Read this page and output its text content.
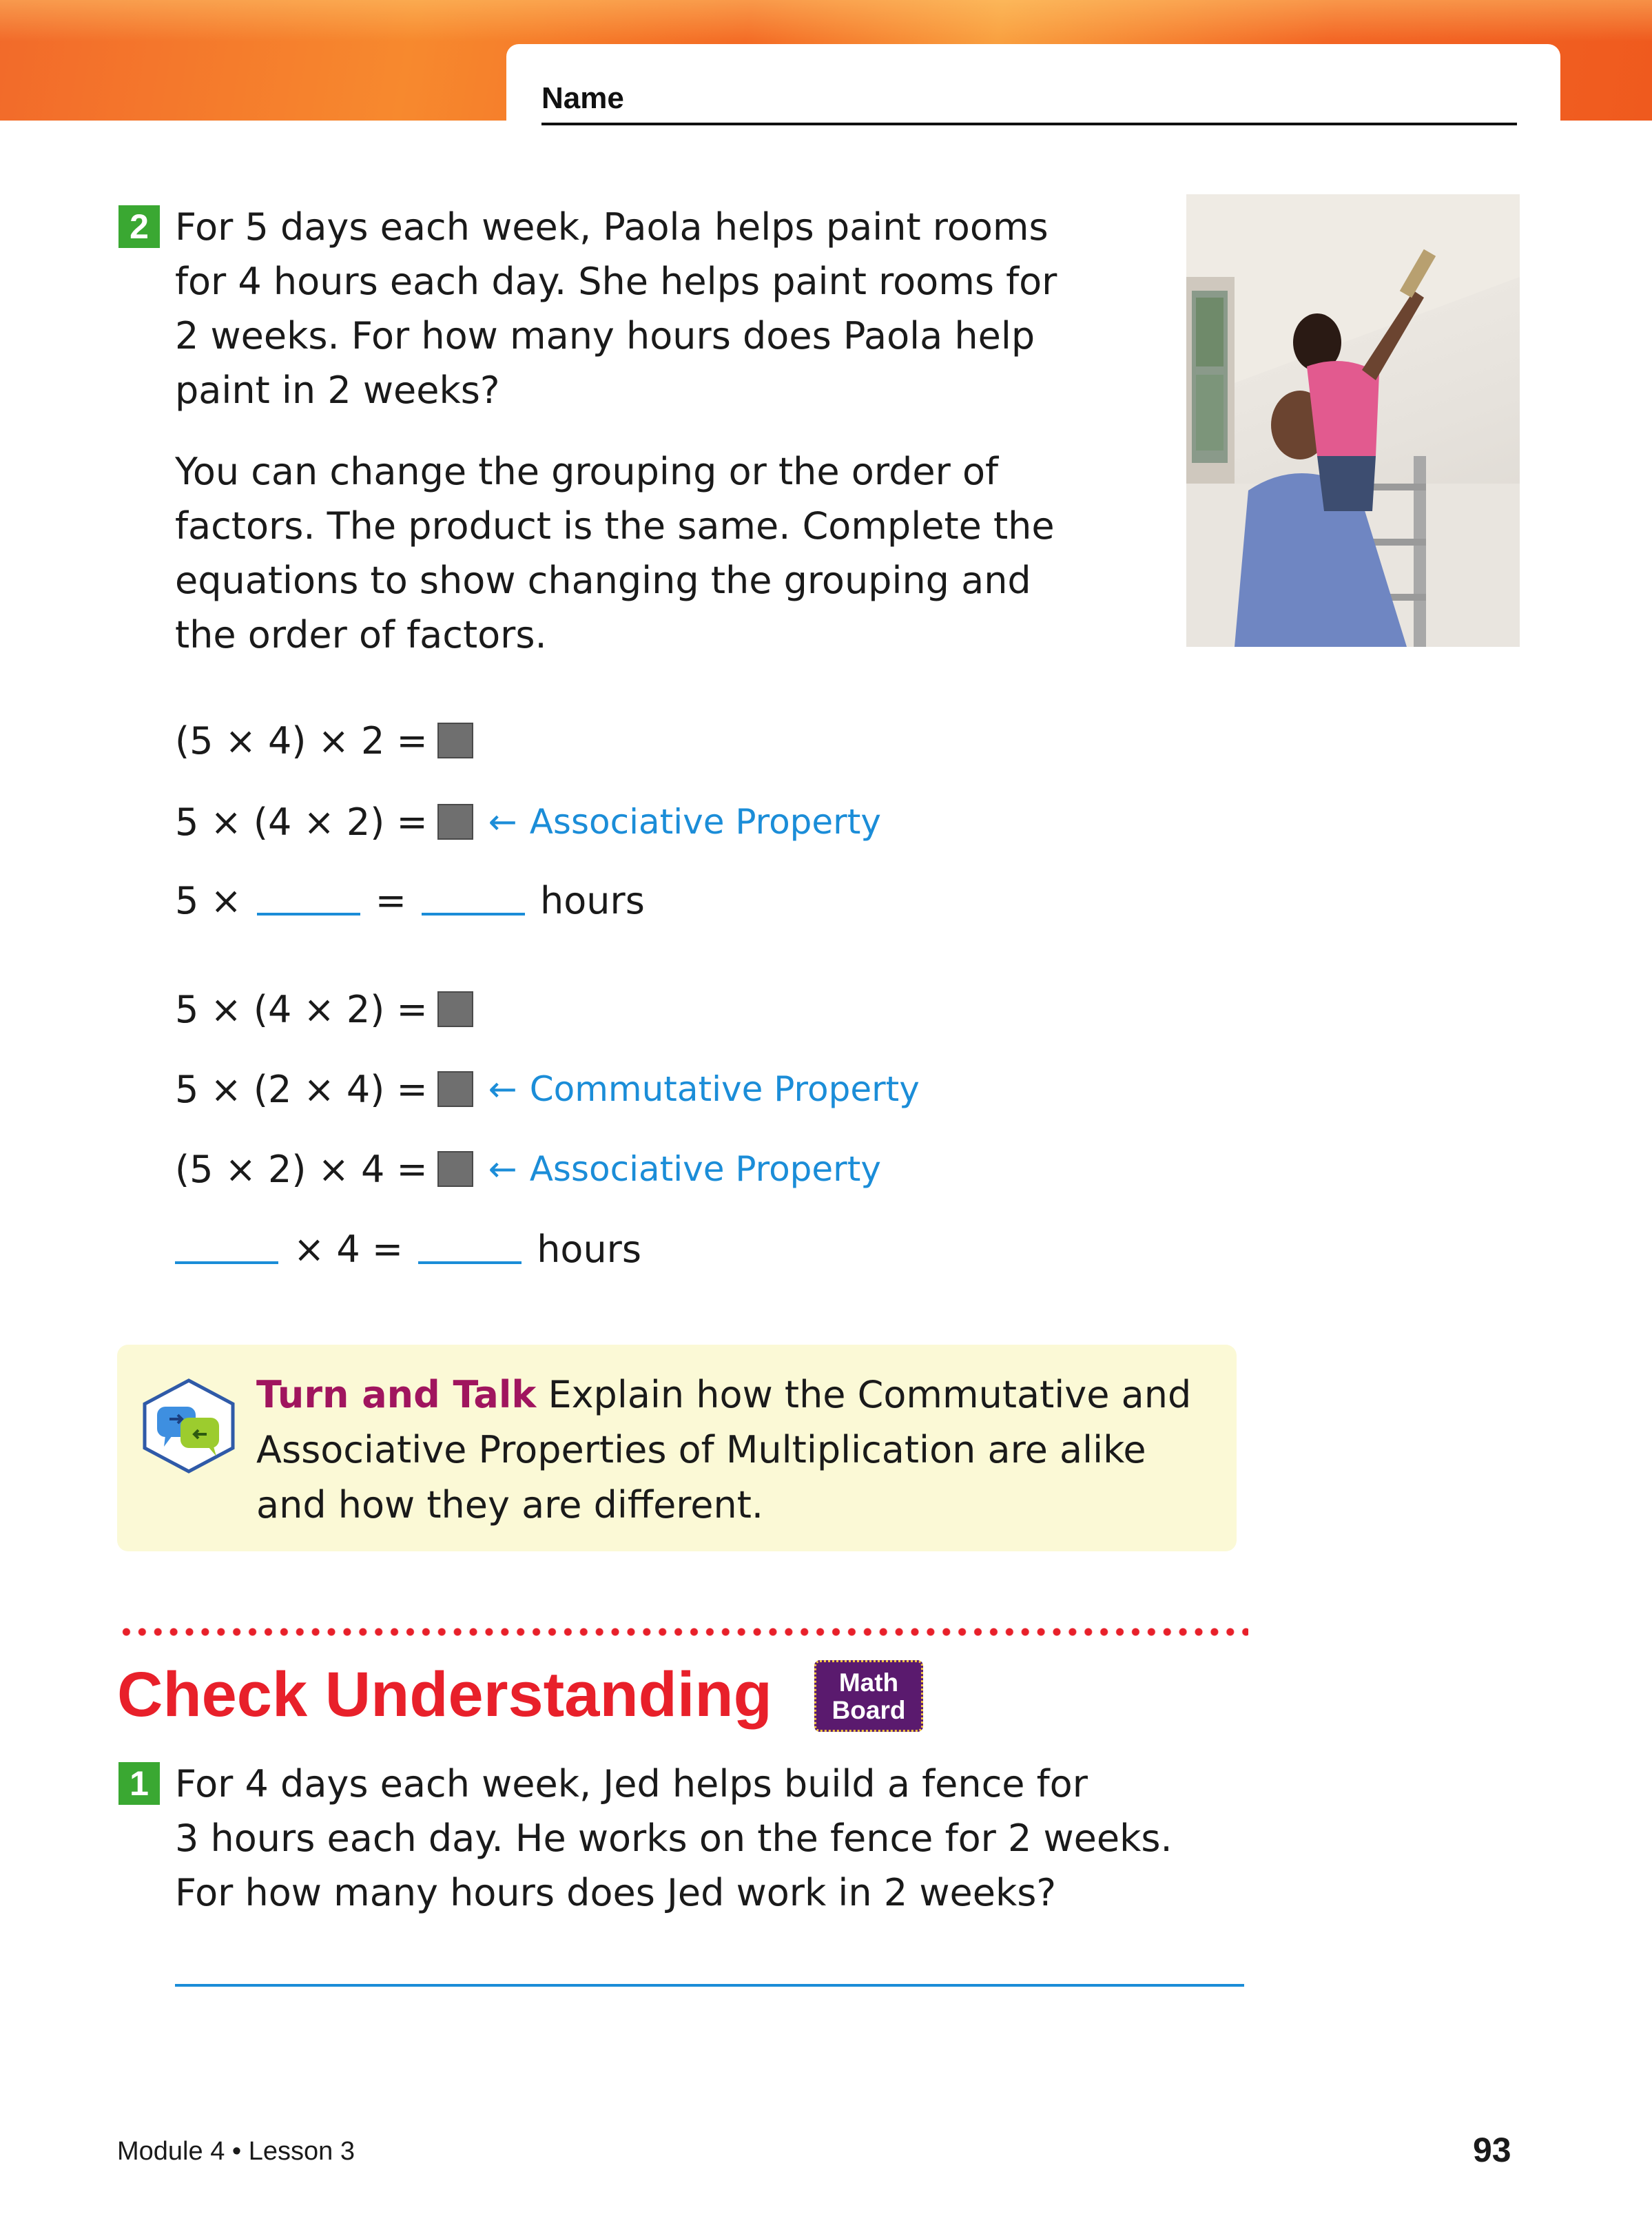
Name
2 For 5 days each week, Paola helps paint rooms
for 4 hours each day. She helps paint rooms for
2 weeks. For how many hours does Paola help
paint in 2 weeks?
You can change the grouping or the order of
factors. The product is the same. Complete the
equations to show changing the grouping and
the order of factors.
(5 × 4) × 2 =
5 × (4 × 2) = ← Associative Property
5 ×	=	hours
5 × (4 × 2) =
5 × (2 × 4) = ← Commutative Property
(5 × 2) × 4 = ← Associative Property
× 4 =	hours
Turn and Talk Explain how the Commutative and Associative Properties of Multiplication are alike and how they are different.
Check Understanding	Math
Board
1 For 4 days each week, Jed helps build a fence for
3 hours each day. He works on the fence for 2 weeks.
For how many hours does Jed work in 2 weeks?
Module 4 • Lesson 3	93
